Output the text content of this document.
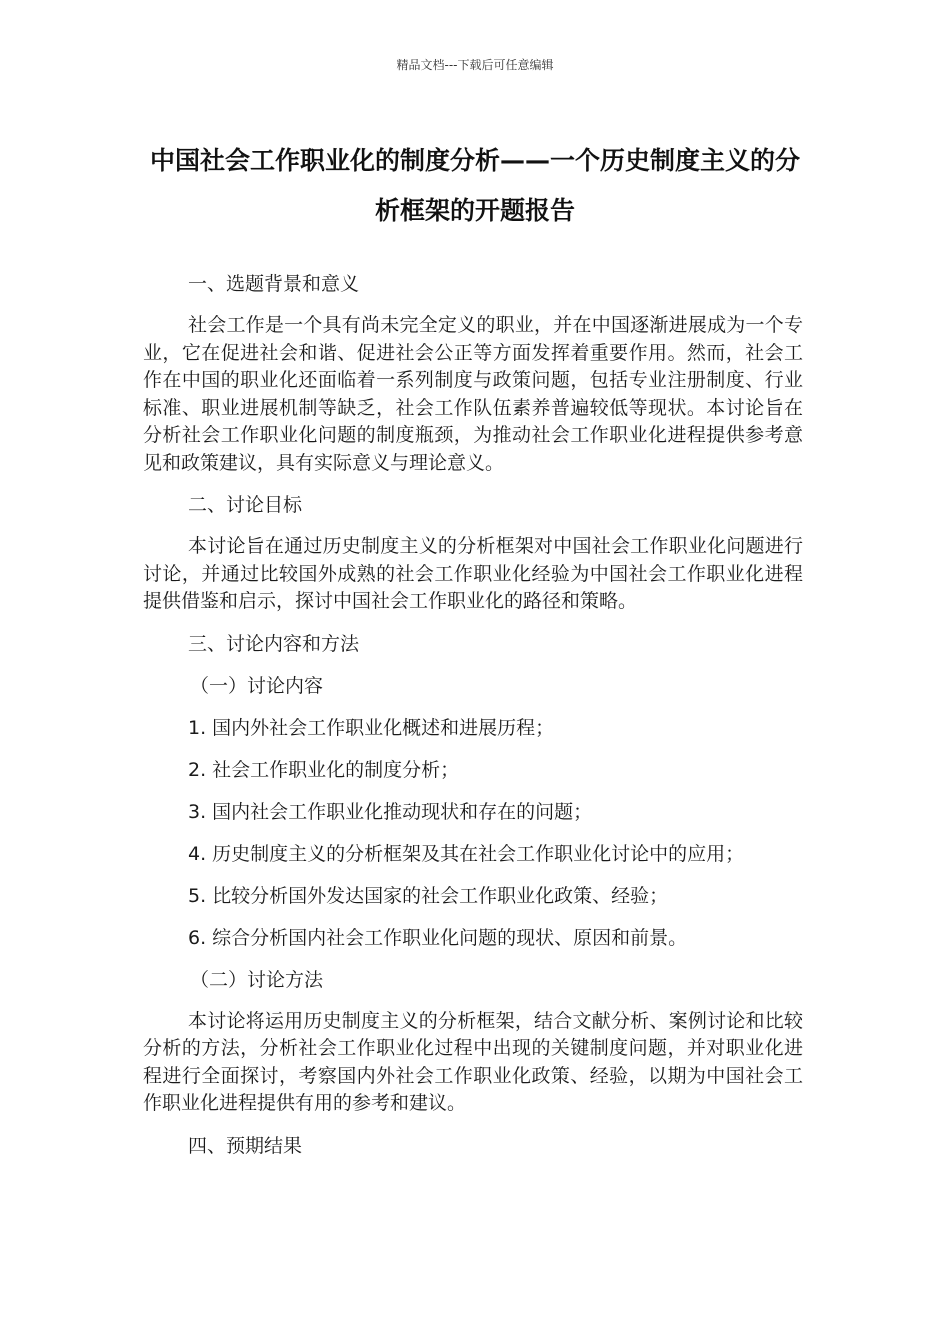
精品文档---下载后可任意编辑
中国社会工作职业化的制度分析——一个历史制度主义的分析框架的开题报告
一、选题背景和意义

社会工作是一个具有尚未完全定义的职业，并在中国逐渐进展成为一个专业，它在促进社会和谐、促进社会公正等方面发挥着重要作用。然而，社会工作在中国的职业化还面临着一系列制度与政策问题，包括专业注册制度、行业标准、职业进展机制等缺乏，社会工作队伍素养普遍较低等现状。本讨论旨在分析社会工作职业化问题的制度瓶颈，为推动社会工作职业化进程提供参考意见和政策建议，具有实际意义与理论意义。

二、讨论目标

本讨论旨在通过历史制度主义的分析框架对中国社会工作职业化问题进行讨论，并通过比较国外成熟的社会工作职业化经验为中国社会工作职业化进程提供借鉴和启示，探讨中国社会工作职业化的路径和策略。

三、讨论内容和方法
（一）讨论内容
1. 国内外社会工作职业化概述和进展历程；
2. 社会工作职业化的制度分析；
3. 国内社会工作职业化推动现状和存在的问题；
4. 历史制度主义的分析框架及其在社会工作职业化讨论中的应用；
5. 比较分析国外发达国家的社会工作职业化政策、经验；
6. 综合分析国内社会工作职业化问题的现状、原因和前景。
（二）讨论方法

本讨论将运用历史制度主义的分析框架，结合文献分析、案例讨论和比较分析的方法，分析社会工作职业化过程中出现的关键制度问题，并对职业化进程进行全面探讨，考察国内外社会工作职业化政策、经验，以期为中国社会工作职业化进程提供有用的参考和建议。

四、预期结果
